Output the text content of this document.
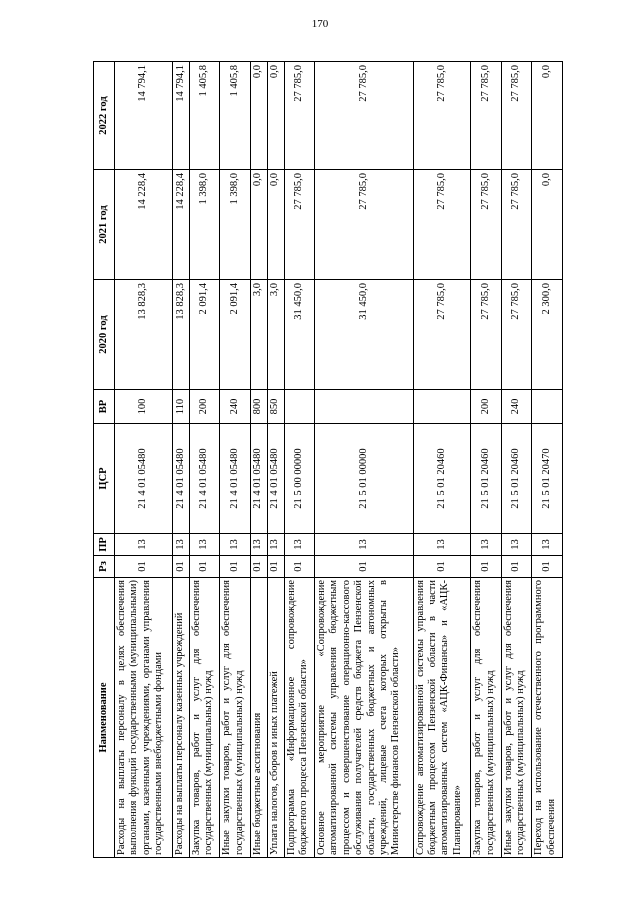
170
Наименование	Рз	ПР	ЦСР	ВР	2020 год	2021 год	2022 год
Расходы на выплаты персоналу в целях обеспечения выполнения функций государственными (муниципальными) органами, казенными учреждениями, органами управления государственными внебюджетными фондами	01	13	21 4 01 05480	100	13 828,3	14 228,4	14 794,1
Расходы на выплаты персоналу казенных учреждений	01	13	21 4 01 05480	110	13 828,3	14 228,4	14 794,1
Закупка товаров, работ и услуг для обеспечения государственных (муниципальных) нужд	01	13	21 4 01 05480	200	2 091,4	1 398,0	1 405,8
Иные закупки товаров, работ и услуг для обеспечения государственных (муниципальных) нужд	01	13	21 4 01 05480	240	2 091,4	1 398,0	1 405,8
Иные бюджетные ассигнования	01	13	21 4 01 05480	800	3,0	0,0	0,0
Уплата налогов, сборов и иных платежей	01	13	21 4 01 05480	850	3,0	0,0	0,0
Подпрограмма «Информационное сопровождение бюджетного процесса Пензенской области»	01	13	21 5 00 00000		31 450,0	27 785,0	27 785,0
Основное мероприятие «Сопровождение автоматизированной системы управления бюджетным процессом и совершенствование операционно-кассового обслуживания получателей средств бюджета Пензенской области, государственных бюджетных и автономных учреждений, лицевые счета которых открыты в Министерстве финансов Пензенской области»	01	13	21 5 01 00000		31 450,0	27 785,0	27 785,0
Сопровождение автоматизированной системы управления бюджетным процессом Пензенской области в части автоматизированных систем «АЦК-Финансы» и «АЦК-Планирование»	01	13	21 5 01 20460		27 785,0	27 785,0	27 785,0
Закупка товаров, работ и услуг для обеспечения государственных (муниципальных) нужд	01	13	21 5 01 20460	200	27 785,0	27 785,0	27 785,0
Иные закупки товаров, работ и услуг для обеспечения государственных (муниципальных) нужд	01	13	21 5 01 20460	240	27 785,0	27 785,0	27 785,0
Переход на использование отечественного программного обеспечения	01	13	21 5 01 20470		2 300,0	0,0	0,0
